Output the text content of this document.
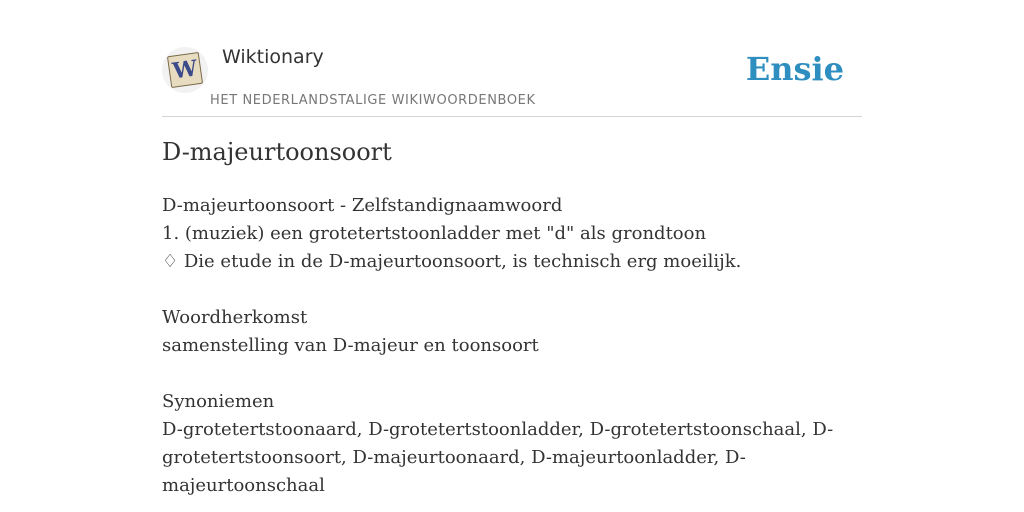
W Wiktionary
HET NEDERLANDSTALIGE WIKIWOORDENBOEK
Ensie
D-majeurtoonsoort

D-majeurtoonsoort - Zelfstandignaamwoord

1. (muziek) een grotetertstoonladder met "d" als grondtoon

♢ Die etude in de D-majeurtoonsoort, is technisch erg moeilijk.

Woordherkomst

samenstelling van D-majeur en toonsoort

Synoniemen

D-grotetertstoonaard, D-grotetertstoonladder, D-grotetertstoonschaal, D-

grotetertstoonsoort, D-majeurtoonaard, D-majeurtoonladder, D-

majeurtoonschaal
